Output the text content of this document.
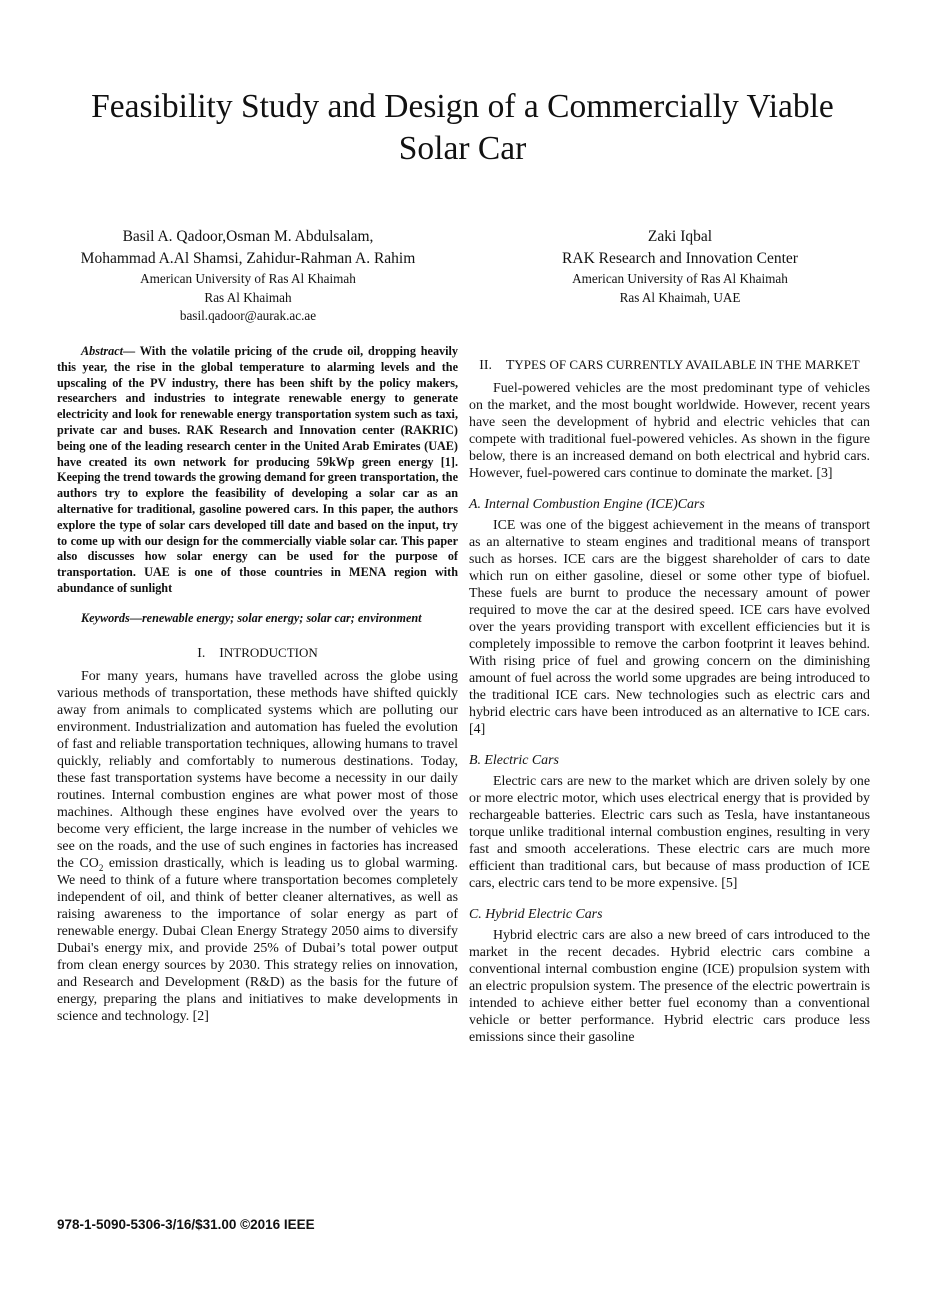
Feasibility Study and Design of a Commercially Viable Solar Car
Basil A. Qadoor,Osman M. Abdulsalam,
Mohammad A.Al Shamsi, Zahidur-Rahman A. Rahim
American University of Ras Al Khaimah
Ras Al Khaimah
basil.qadoor@aurak.ac.ae
Zaki Iqbal
RAK Research and Innovation Center
American University of Ras Al Khaimah
Ras Al Khaimah, UAE

Abstract— With the volatile pricing of the crude oil, dropping heavily this year, the rise in the global temperature to alarming levels and the upscaling of the PV industry, there has been shift by the policy makers, researchers and industries to integrate renewable energy to generate electricity and look for renewable energy transportation system such as taxi, private car and buses. RAK Research and Innovation center (RAKRIC) being one of the leading research center in the United Arab Emirates (UAE) have created its own network for producing 59kWp green energy [1]. Keeping the trend towards the growing demand for green transportation, the authors try to explore the feasibility of developing a solar car as an alternative for traditional, gasoline powered cars. In this paper, the authors explore the type of solar cars developed till date and based on the input, try to come up with our design for the commercially viable solar car. This paper also discusses how solar energy can be used for the purpose of transportation. UAE is one of those countries in MENA region with abundance of sunlight

Keywords—renewable energy; solar energy; solar car; environment

I. INTRODUCTION

For many years, humans have travelled across the globe using various methods of transportation, these methods have shifted quickly away from animals to complicated systems which are polluting our environment. Industrialization and automation has fueled the evolution of fast and reliable transportation techniques, allowing humans to travel quickly, reliably and comfortably to numerous destinations. Today, these fast transportation systems have become a necessity in our daily routines. Internal combustion engines are what power most of those machines. Although these engines have evolved over the years to become very efficient, the large increase in the number of vehicles we see on the roads, and the use of such engines in factories has increased the $CO_2$ emission drastically, which is leading us to global warming. We need to think of a future where transportation becomes completely independent of oil, and think of better cleaner alternatives, as well as raising awareness to the importance of solar energy as part of renewable energy. Dubai Clean Energy Strategy 2050 aims to diversify Dubai's energy mix, and provide 25% of Dubai’s total power output from clean energy sources by 2030. This strategy relies on innovation, and Research and Development (R&D) as the basis for the future of energy, preparing the plans and initiatives to make developments in science and technology. [2]

II. TYPES OF CARS CURRENTLY AVAILABLE IN THE MARKET

Fuel-powered vehicles are the most predominant type of vehicles on the market, and the most bought worldwide. However, recent years have seen the development of hybrid and electric vehicles that can compete with traditional fuel-powered vehicles. As shown in the figure below, there is an increased demand on both electrical and hybrid cars. However, fuel-powered cars continue to dominate the market. [3]

A. Internal Combustion Engine (ICE)Cars

ICE was one of the biggest achievement in the means of transport as an alternative to steam engines and traditional means of transport such as horses. ICE cars are the biggest shareholder of cars to date which run on either gasoline, diesel or some other type of biofuel. These fuels are burnt to produce the necessary amount of power required to move the car at the desired speed. ICE cars have evolved over the years providing transport with excellent efficiencies but it is completely impossible to remove the carbon footprint it leaves behind. With rising price of fuel and growing concern on the diminishing amount of fuel across the world some upgrades are being introduced to the traditional ICE cars. New technologies such as electric cars and hybrid electric cars have been introduced as an alternative to ICE cars. [4]

B. Electric Cars

Electric cars are new to the market which are driven solely by one or more electric motor, which uses electrical energy that is provided by rechargeable batteries. Electric cars such as Tesla, have instantaneous torque unlike traditional internal combustion engines, resulting in very fast and smooth accelerations. These electric cars are much more efficient than traditional cars, but because of mass production of ICE cars, electric cars tend to be more expensive. [5]

C. Hybrid Electric Cars

Hybrid electric cars are also a new breed of cars introduced to the market in the recent decades. Hybrid electric cars combine a conventional internal combustion engine (ICE) propulsion system with an electric propulsion system. The presence of the electric powertrain is intended to achieve either better fuel economy than a conventional vehicle or better performance. Hybrid electric cars produce less emissions since their gasoline

978-1-5090-5306-3/16/$31.00 ©2016 IEEE
